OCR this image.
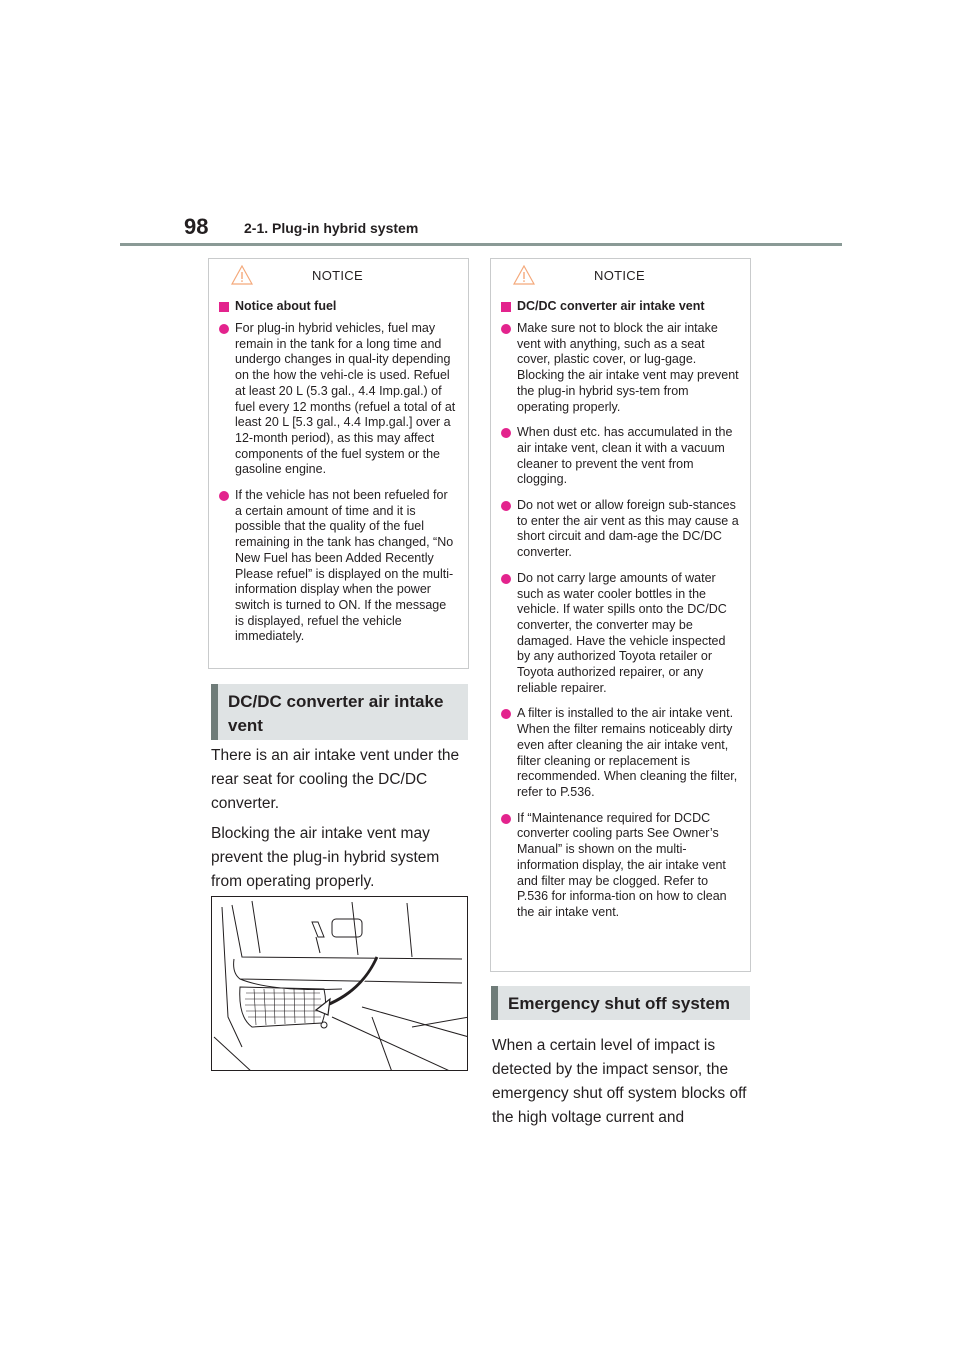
98	2-1. Plug-in hybrid system
NOTICE
Notice about fuel
For plug-in hybrid vehicles, fuel may remain in the tank for a long time and undergo changes in qual-ity depending on the how the vehi-cle is used. Refuel at least 20 L (5.3 gal., 4.4 Imp.gal.) of fuel every 12 months (refuel a total of at least 20 L [5.3 gal., 4.4 Imp.gal.] over a 12-month period), as this may affect components of the fuel system or the gasoline engine.
If the vehicle has not been refueled for a certain amount of time and it is possible that the quality of the fuel remaining in the tank has changed, “No New Fuel has been Added Recently Please refuel” is displayed on the multi-information display when the power switch is turned to ON. If the message is displayed, refuel the vehicle immediately.
DC/DC converter air intake vent

There is an air intake vent under the rear seat for cooling the DC/DC converter.

Blocking the air intake vent may prevent the plug-in hybrid system from operating properly.

NOTICE
DC/DC converter air intake vent
Make sure not to block the air intake vent with anything, such as a seat cover, plastic cover, or lug-gage. Blocking the air intake vent may prevent the plug-in hybrid sys-tem from operating properly.
When dust etc. has accumulated in the air intake vent, clean it with a vacuum cleaner to prevent the vent from clogging.
Do not wet or allow foreign sub-stances to enter the air vent as this may cause a short circuit and dam-age the DC/DC converter.
Do not carry large amounts of water such as water cooler bottles in the vehicle. If water spills onto the DC/DC converter, the converter may be damaged. Have the vehicle inspected by any authorized Toyota retailer or Toyota authorized repairer, or any reliable repairer.
A filter is installed to the air intake vent. When the filter remains noticeably dirty even after cleaning the air intake vent, filter cleaning or replacement is recommended. When cleaning the filter, refer to P.536.
If “Maintenance required for DCDC converter cooling parts See Owner’s Manual” is shown on the multi-information display, the air intake vent and filter may be clogged. Refer to P.536 for informa-tion on how to clean the air intake vent.
Emergency shut off system

When a certain level of impact is detected by the impact sensor, the emergency shut off system blocks off the high voltage current and
